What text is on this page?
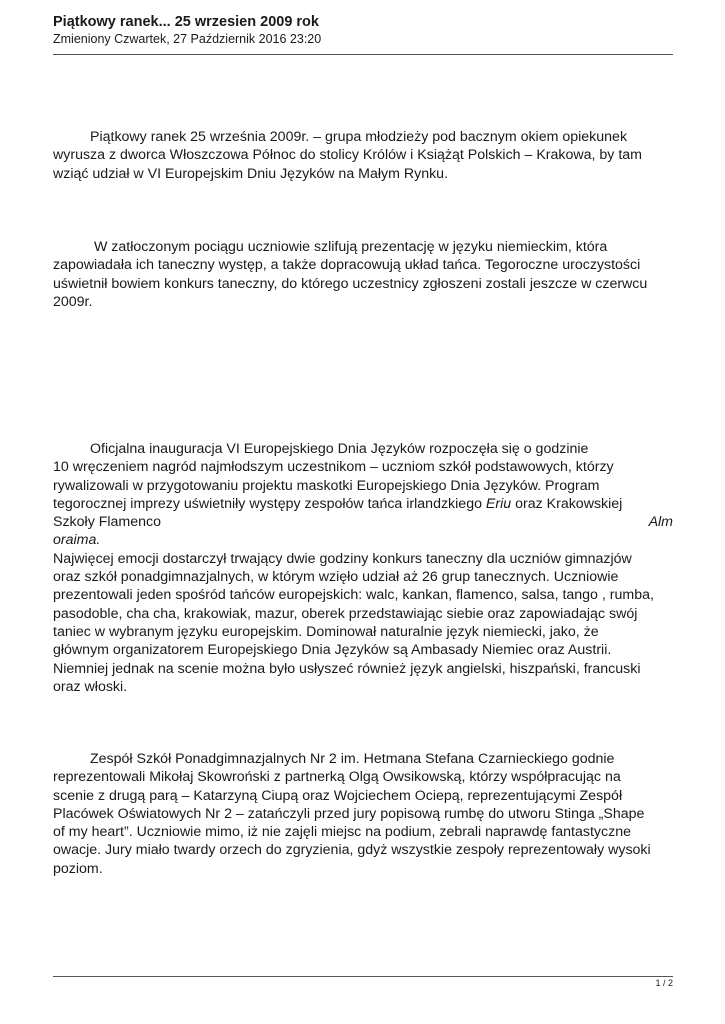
Piątkowy ranek... 25 wrzesien 2009 rok
Zmieniony Czwartek, 27 Październik 2016 23:20

Piątkowy ranek 25 września 2009r. – grupa młodzieży pod bacznym okiem opiekunek

wyrusza z dworca Włoszczowa Północ do stolicy Królów i Książąt Polskich – Krakowa, by tam

wziąć udział w VI Europejskim Dniu Języków na Małym Rynku.

W zatłoczonym pociągu uczniowie szlifują prezentację w języku niemieckim, która

zapowiadała ich taneczny występ, a także dopracowują układ tańca. Tegoroczne uroczystości

uświetnił bowiem konkurs taneczny, do którego uczestnicy zgłoszeni zostali jeszcze w czerwcu

2009r.

Oficjalna inauguracja VI Europejskiego Dnia Języków rozpoczęła się o godzinie

10 wręczeniem nagród najmłodszym uczestnikom – uczniom szkół podstawowych, którzy

rywalizowali w przygotowaniu projektu maskotki Europejskiego Dnia Języków. Program

tegorocznej imprezy uświetniły występy zespołów tańca irlandzkiego Eriu oraz Krakowskiej

Szkoły Flamenco	Alm

oraima.

Najwięcej emocji dostarczył trwający dwie godziny konkurs taneczny dla uczniów gimnazjów

oraz szkół ponadgimnazjalnych, w którym wzięło udział aż 26 grup tanecznych. Uczniowie

prezentowali jeden spośród tańców europejskich: walc, kankan, flamenco, salsa, tango , rumba,

pasodoble, cha cha, krakowiak, mazur, oberek przedstawiając siebie oraz zapowiadając swój

taniec w wybranym języku europejskim. Dominował naturalnie język niemiecki, jako, że

głównym organizatorem Europejskiego Dnia Języków są Ambasady Niemiec oraz Austrii.

Niemniej jednak na scenie można było usłyszeć również język angielski, hiszpański, francuski

oraz włoski.

Zespół Szkół Ponadgimnazjalnych Nr 2 im. Hetmana Stefana Czarnieckiego godnie

reprezentowali Mikołaj Skowroński z partnerką Olgą Owsikowską, którzy współpracując na

scenie z drugą parą – Katarzyną Ciupą oraz Wojciechem Ociepą, reprezentującymi Zespół

Placówek Oświatowych Nr 2 – zatańczyli przed jury popisową rumbę do utworu Stinga „Shape

of my heart”. Uczniowie mimo, iż nie zajęli miejsc na podium, zebrali naprawdę fantastyczne

owacje. Jury miało twardy orzech do zgryzienia, gdyż wszystkie zespoły reprezentowały wysoki

poziom.

1 / 2
